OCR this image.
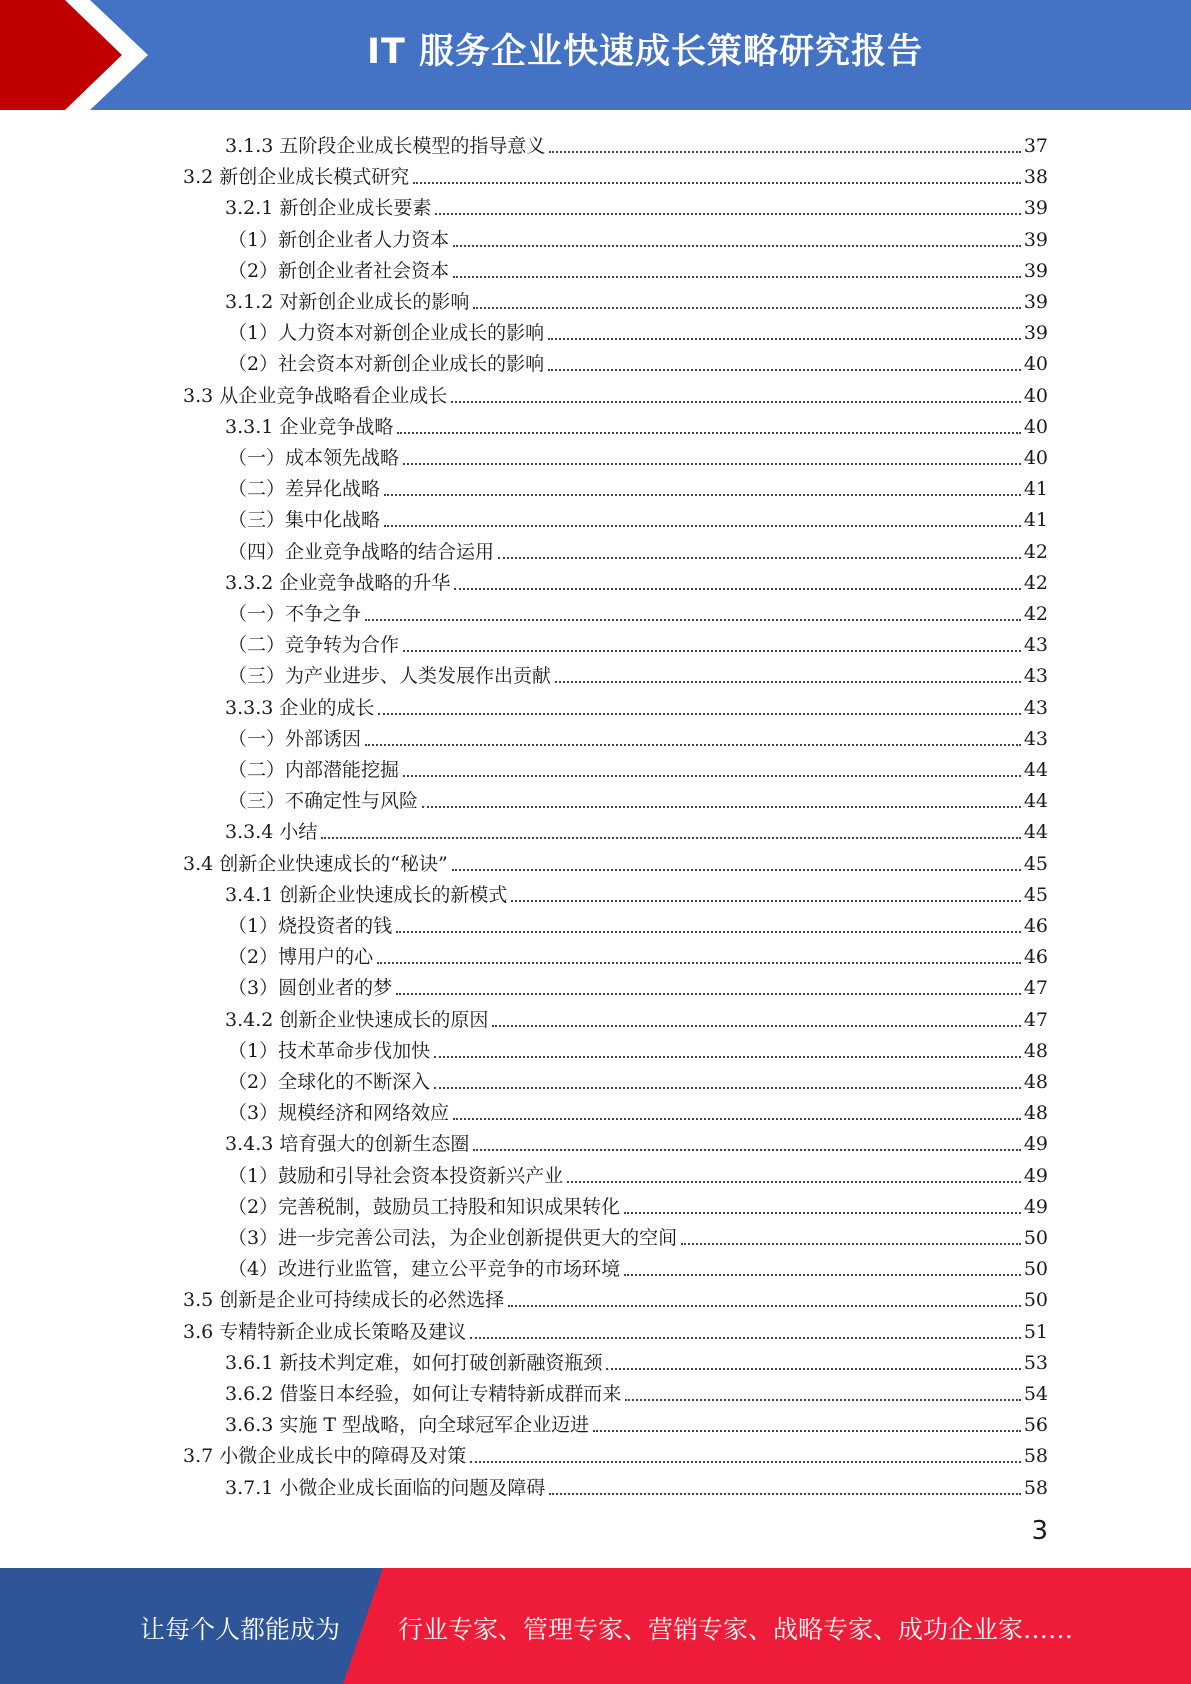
IT 服务企业快速成长策略研究报告
3.1.3 五阶段企业成长模型的指导意义	37
3.2 新创企业成长模式研究	38
3.2.1 新创企业成长要素	39
（1）新创企业者人力资本	39
（2）新创企业者社会资本	39
3.1.2 对新创企业成长的影响	39
（1）人力资本对新创企业成长的影响	39
（2）社会资本对新创企业成长的影响	40
3.3 从企业竞争战略看企业成长	40
3.3.1 企业竞争战略	40
（一）成本领先战略	40
（二）差异化战略	41
（三）集中化战略	41
（四）企业竞争战略的结合运用	42
3.3.2 企业竞争战略的升华	42
（一）不争之争	42
（二）竞争转为合作	43
（三）为产业进步、人类发展作出贡献	43
3.3.3 企业的成长	43
（一）外部诱因	43
（二）内部潜能挖掘	44
（三）不确定性与风险	44
3.3.4 小结	44
3.4 创新企业快速成长的“秘诀”	45
3.4.1 创新企业快速成长的新模式	45
（1）烧投资者的钱	46
（2）博用户的心	46
（3）圆创业者的梦	47
3.4.2 创新企业快速成长的原因	47
（1）技术革命步伐加快	48
（2）全球化的不断深入	48
（3）规模经济和网络效应	48
3.4.3 培育强大的创新生态圈	49
（1）鼓励和引导社会资本投资新兴产业	49
（2）完善税制，鼓励员工持股和知识成果转化	49
（3）进一步完善公司法，为企业创新提供更大的空间	50
（4）改进行业监管，建立公平竞争的市场环境	50
3.5 创新是企业可持续成长的必然选择	50
3.6 专精特新企业成长策略及建议	51
3.6.1 新技术判定难，如何打破创新融资瓶颈	53
3.6.2 借鉴日本经验，如何让专精特新成群而来	54
3.6.3 实施 T 型战略，向全球冠军企业迈进	56
3.7 小微企业成长中的障碍及对策	58
3.7.1 小微企业成长面临的问题及障碍	58
3
让每个人都能成为 行业专家、管理专家、营销专家、战略专家、成功企业家……
